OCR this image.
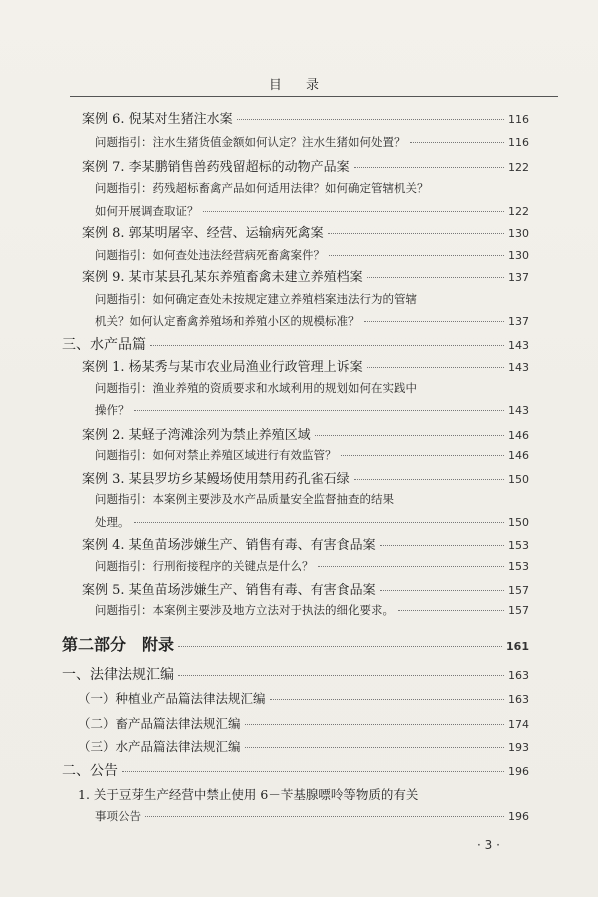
目 录
案例 6. 倪某对生猪注水案	116
问题指引：注水生猪货值金额如何认定？注水生猪如何处置？	116
案例 7. 李某鹏销售兽药残留超标的动物产品案	122
问题指引：药残超标畜禽产品如何适用法律？如何确定管辖机关？
如何开展调查取证？	122
案例 8. 郭某明屠宰、经营、运输病死禽案	130
问题指引：如何查处违法经营病死畜禽案件？	130
案例 9. 某市某县孔某东养殖畜禽未建立养殖档案	137
问题指引：如何确定查处未按规定建立养殖档案违法行为的管辖
机关？如何认定畜禽养殖场和养殖小区的规模标准？	137
三、水产品篇	143
案例 1. 杨某秀与某市农业局渔业行政管理上诉案	143
问题指引：渔业养殖的资质要求和水域利用的规划如何在实践中
操作？	143
案例 2. 某蛏子湾滩涂列为禁止养殖区域	146
问题指引：如何对禁止养殖区域进行有效监管？	146
案例 3. 某县罗坊乡某鳗场使用禁用药孔雀石绿	150
问题指引：本案例主要涉及水产品质量安全监督抽查的结果
处理。	150
案例 4. 某鱼苗场涉嫌生产、销售有毒、有害食品案	153
问题指引：行刑衔接程序的关键点是什么？	153
案例 5. 某鱼苗场涉嫌生产、销售有毒、有害食品案	157
问题指引：本案例主要涉及地方立法对于执法的细化要求。	157
第二部分　附录	161
一、法律法规汇编	163
（一）种植业产品篇法律法规汇编	163
（二）畜产品篇法律法规汇编	174
（三）水产品篇法律法规汇编	193
二、公告	196
1. 关于豆芽生产经营中禁止使用 6－苄基腺嘌呤等物质的有关
事项公告	196
· 3 ·
